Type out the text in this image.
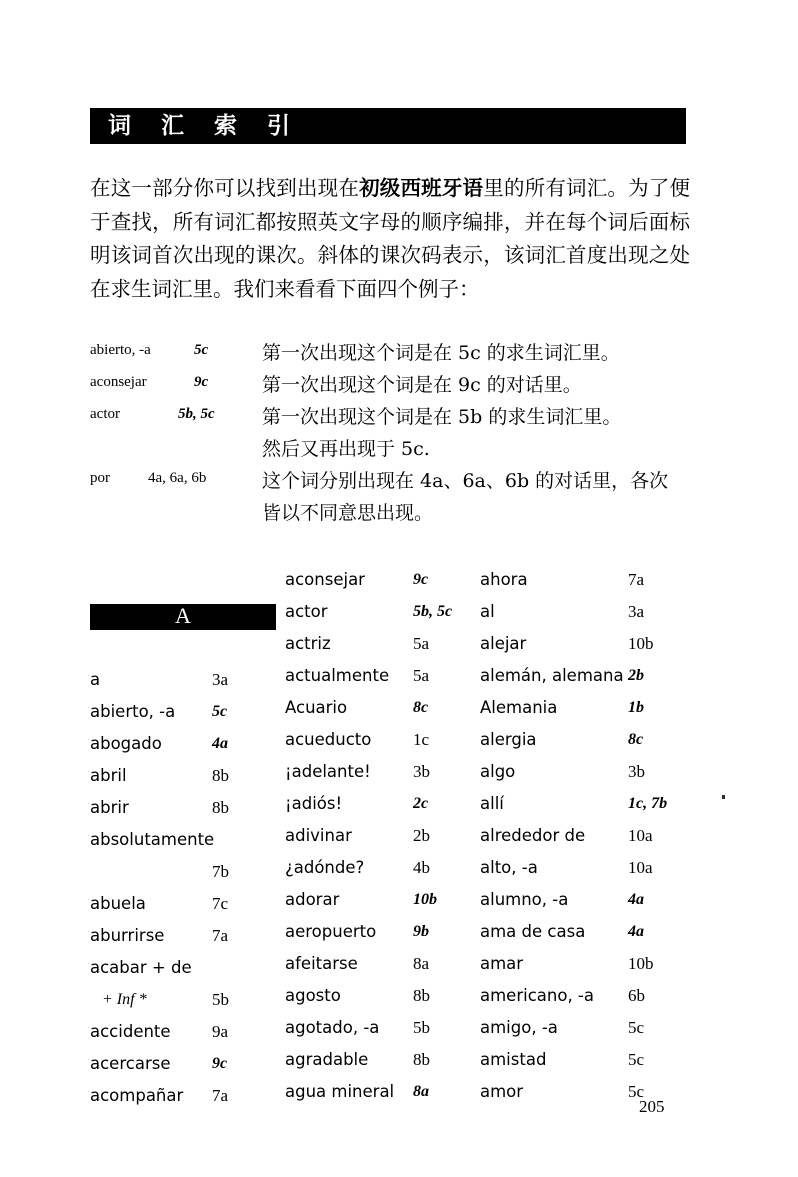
词 汇 索 引
在这一部分你可以找到出现在初级西班牙语里的所有词汇。为了便于查找，所有词汇都按照英文字母的顺序编排，并在每个词后面标明该词首次出现的课次。斜体的课次码表示，该词汇首度出现之处在求生词汇里。我们来看看下面四个例子：
abierto, -a	5c	第一次出现这个词是在 5c 的求生词汇里。
aconsejar	9c	第一次出现这个词是在 9c 的对话里。
actor	5b, 5c 第一次出现这个词是在 5b 的求生词汇里。
然后又再出现于 5c.
por	4a, 6a, 6b	这个词分别出现在 4a、6a、6b 的对话里，各次
皆以不同意思出现。
A
a	3a
abierto, -a 5c
abogado	4a
abril	8b
abrir	8b
absolutamente
7b
abuela	7c
aburrirse	7a
acabar + de
+ Inf *	5b
accidente 9a
acercarse	9c
acompañar 7a
aconsejar	9c
actor	5b, 5c
actriz	5a
actualmente 5a
Acuario	8c
acueducto 1c
¡adelante! 3b
¡adiós!	2c
adivinar	2b
¿adónde?	4b
adorar	10b
aeropuerto 9b
afeitarse	8a
agosto	8b
agotado, -a 5b
agradable	8b
agua mineral 8a
ahora	7a
al	3a
alejar	10b
alemán, alemana 2b
Alemania	1b
alergia	8c
algo	3b
allí	1c, 7b
alrededor de	10a
alto, -a	10a
alumno, -a	4a
ama de casa	4a
amar	10b
americano, -a 6b
amigo, -a	5c
amistad	5c
amor	5c
205
